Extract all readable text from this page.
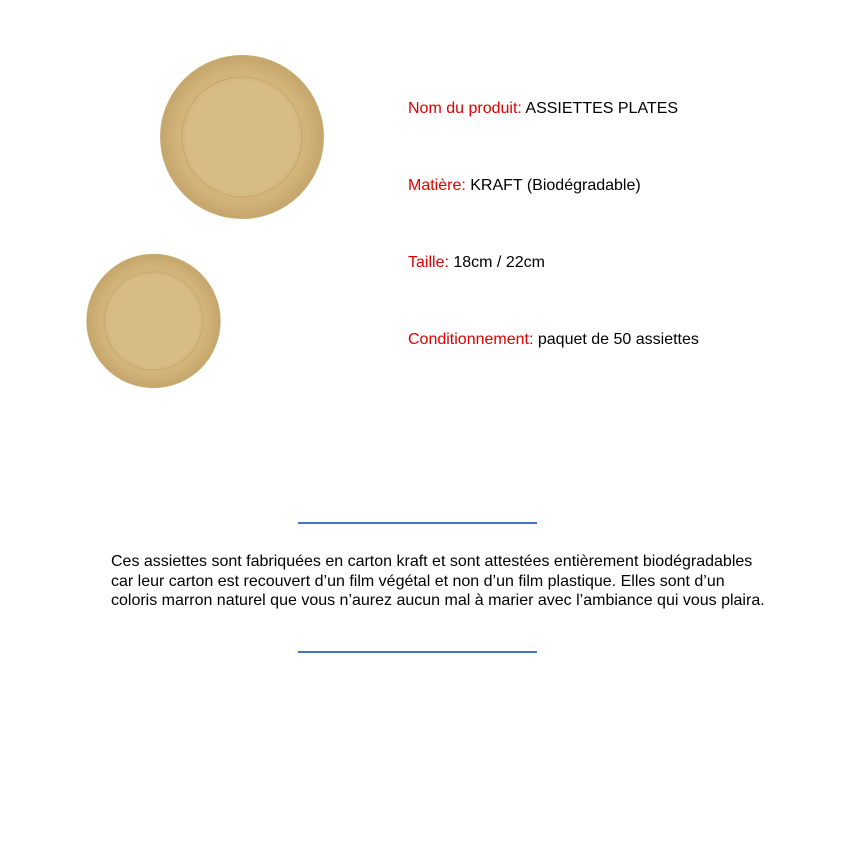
Nom du produit: ASSIETTES PLATES
Matière: KRAFT (Biodégradable)
Taille: 18cm / 22cm
Conditionnement: paquet de 50 assiettes

Ces assiettes sont fabriquées en carton kraft et sont attestées entièrement biodégradables car leur carton est recouvert d’un film végétal et non d’un film plastique. Elles sont d’un coloris marron naturel que vous n’aurez aucun mal à marier avec l’ambiance qui vous plaira.
